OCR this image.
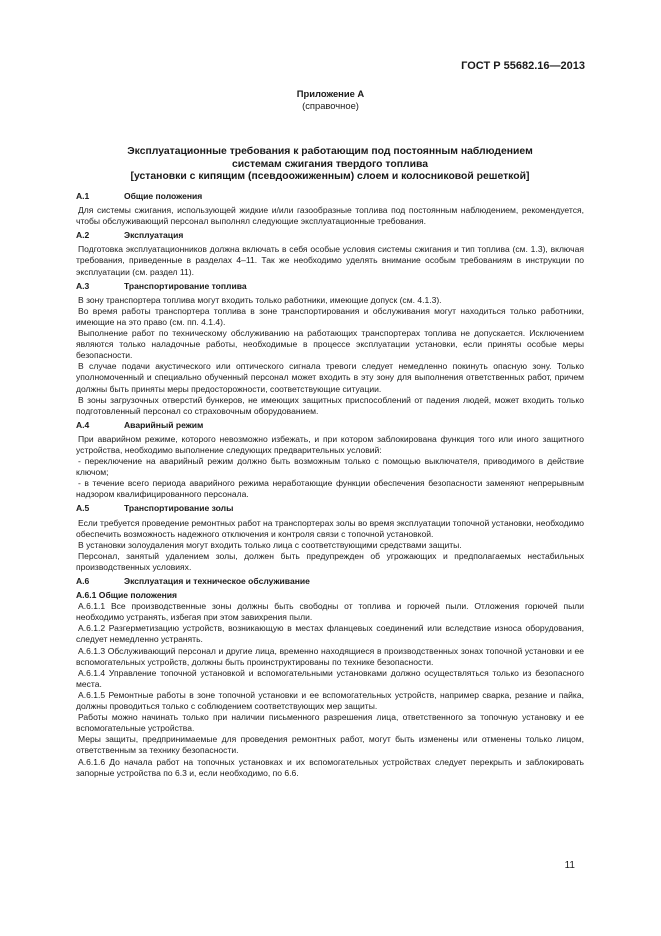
ГОСТ Р 55682.16—2013
Приложение А
(справочное)
Эксплуатационные требования к работающим под постоянным наблюдением
системам сжигания твердого топлива
[установки с кипящим (псевдоожиженным) слоем и колосниковой решеткой]
А.1	Общие положения

Для системы сжигания, использующей жидкие и/или газообразные топлива под постоянным наблюдением, рекомендуется, чтобы обслуживающий персонал выполнял следующие эксплуатационные требования.

А.2	Эксплуатация

Подготовка эксплуатационников должна включать в себя особые условия системы сжигания и тип топлива (см. 1.3), включая требования, приведенные в разделах 4–11. Так же необходимо уделять внимание особым требованиям в инструкции по эксплуатации (см. раздел 11).

А.3	Транспортирование топлива

В зону транспортера топлива могут входить только работники, имеющие допуск (см. 4.1.3).

Во время работы транспортера топлива в зоне транспортирования и обслуживания могут находиться только работники, имеющие на это право (см. пп. 4.1.4).

Выполнение работ по техническому обслуживанию на работающих транспортерах топлива не допускается. Исключением являются только наладочные работы, необходимые в процессе эксплуатации установки, если приняты особые меры безопасности.

В случае подачи акустического или оптического сигнала тревоги следует немедленно покинуть опасную зону. Только уполномоченный и специально обученный персонал может входить в эту зону для выполнения ответственных работ, причем должны быть приняты меры предосторожности, соответствующие ситуации.

В зоны загрузочных отверстий бункеров, не имеющих защитных приспособлений от падения людей, может входить только подготовленный персонал со страховочным оборудованием.

А.4	Аварийный режим

При аварийном режиме, которого невозможно избежать, и при котором заблокирована функция того или иного защитного устройства, необходимо выполнение следующих предварительных условий:

- переключение на аварийный режим должно быть возможным только с помощью выключателя, приводимого в действие ключом;

- в течение всего периода аварийного режима неработающие функции обеспечения безопасности заменяют непрерывным надзором квалифицированного персонала.

А.5	Транспортирование золы

Если требуется проведение ремонтных работ на транспортерах золы во время эксплуатации топочной установки, необходимо обеспечить возможность надежного отключения и контроля связи с топочной установкой.

В установки золоудаления могут входить только лица с соответствующими средствами защиты.

Персонал, занятый удалением золы, должен быть предупрежден об угрожающих и предполагаемых нестабильных производственных условиях.

А.6	Эксплуатация и техническое обслуживание
А.6.1 Общие положения

А.6.1.1 Все производственные зоны должны быть свободны от топлива и горючей пыли. Отложения горючей пыли необходимо устранять, избегая при этом завихрения пыли.

А.6.1.2 Разгерметизацию устройств, возникающую в местах фланцевых соединений или вследствие износа оборудования, следует немедленно устранять.

А.6.1.3 Обслуживающий персонал и другие лица, временно находящиеся в производственных зонах топочной установки и ее вспомогательных устройств, должны быть проинструктированы по технике безопасности.

А.6.1.4 Управление топочной установкой и вспомогательными установками должно осуществляться только из безопасного места.

А.6.1.5 Ремонтные работы в зоне топочной установки и ее вспомогательных устройств, например сварка, резание и пайка, должны проводиться только с соблюдением соответствующих мер защиты.

Работы можно начинать только при наличии письменного разрешения лица, ответственного за топочную установку и ее вспомогательные устройства.

Меры защиты, предпринимаемые для проведения ремонтных работ, могут быть изменены или отменены только лицом, ответственным за технику безопасности.

А.6.1.6 До начала работ на топочных установках и их вспомогательных устройствах следует перекрыть и заблокировать запорные устройства по 6.3 и, если необходимо, по 6.6.

11
